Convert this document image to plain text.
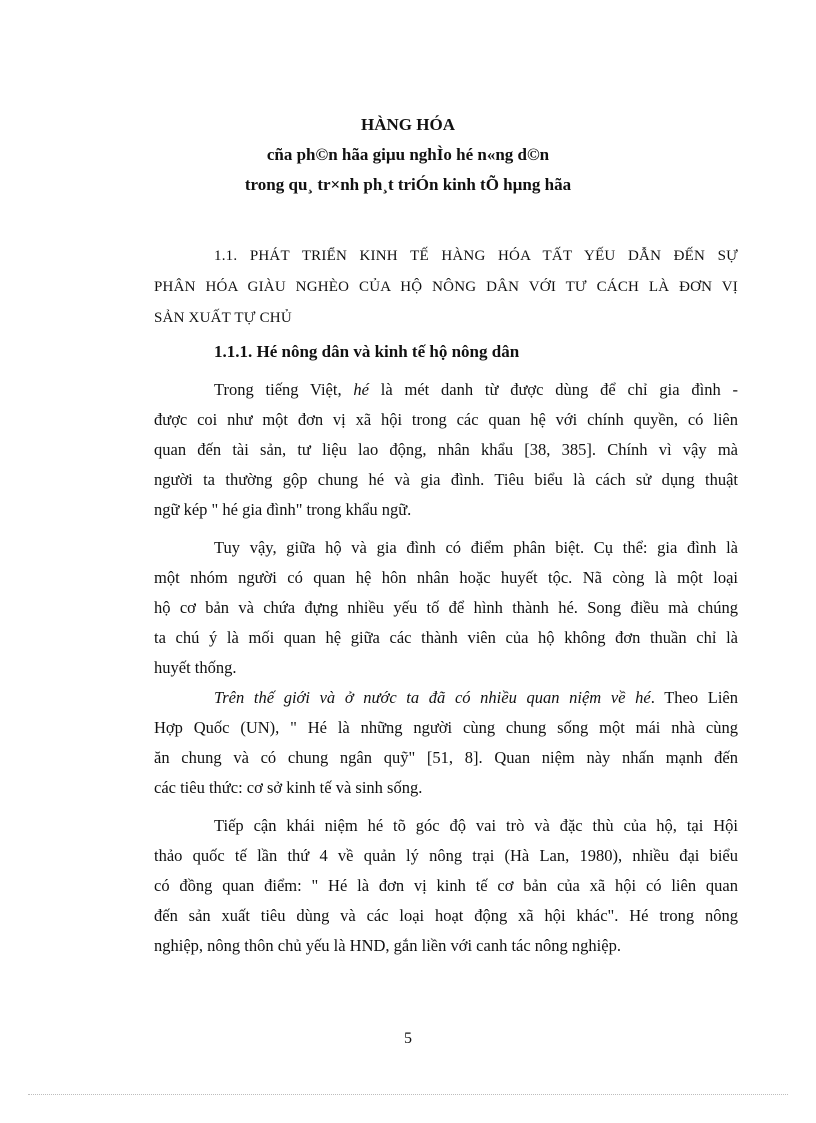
HÀNG HÓA
cña ph©n hãa giµu nghÌo hé n«ng d©n
trong qu¸ tr×nh ph¸t triÓn kinh tÕ hµng hãa
1.1. PHÁT TRIỂN KINH TẾ HÀNG HÓA TẤT YẾU DẪN ĐẾN SỰ
PHÂN HÓA GIÀU NGHÈO CỦA HỘ NÔNG DÂN VỚI TƯ CÁCH LÀ ĐƠN VỊ
SẢN XUẤT TỰ CHỦ
1.1.1. Hé nông dân và kinh tế hộ nông dân
Trong tiếng Việt, hé là mét danh từ được dùng để chỉ gia đình -
được coi như một đơn vị xã hội trong các quan hệ với chính quyền, có liên
quan đến tài sản, tư liệu lao động, nhân khẩu [38, 385]. Chính vì vậy mà
người ta thường gộp chung hé và gia đình. Tiêu biểu là cách sử dụng thuật
ngữ kép " hé gia đình" trong khẩu ngữ.
Tuy vậy, giữa hộ và gia đình có điểm phân biệt. Cụ thể: gia đình là
một nhóm người có quan hệ hôn nhân hoặc huyết tộc. Nã còng là một loại
hộ cơ bản và chứa đựng nhiều yếu tố để hình thành hé. Song điều mà chúng
ta chú ý là mối quan hệ giữa các thành viên của hộ không đơn thuần chỉ là
huyết thống.
Trên thế giới và ở nước ta đã có nhiều quan niệm về hé. Theo Liên
Hợp Quốc (UN), " Hé là những người cùng chung sống một mái nhà cùng
ăn chung và có chung ngân quỹ" [51, 8]. Quan niệm này nhấn mạnh đến
các tiêu thức: cơ sở kinh tế và sinh sống.
Tiếp cận khái niệm hé tõ góc độ vai trò và đặc thù của hộ, tại Hội
thảo quốc tế lần thứ 4 về quản lý nông trại (Hà Lan, 1980), nhiều đại biểu
có đồng quan điểm: " Hé là đơn vị kinh tế cơ bản của xã hội có liên quan
đến sản xuất tiêu dùng và các loại hoạt động xã hội khác". Hé trong nông
nghiệp, nông thôn chủ yếu là HND, gắn liền với canh tác nông nghiệp.
5
